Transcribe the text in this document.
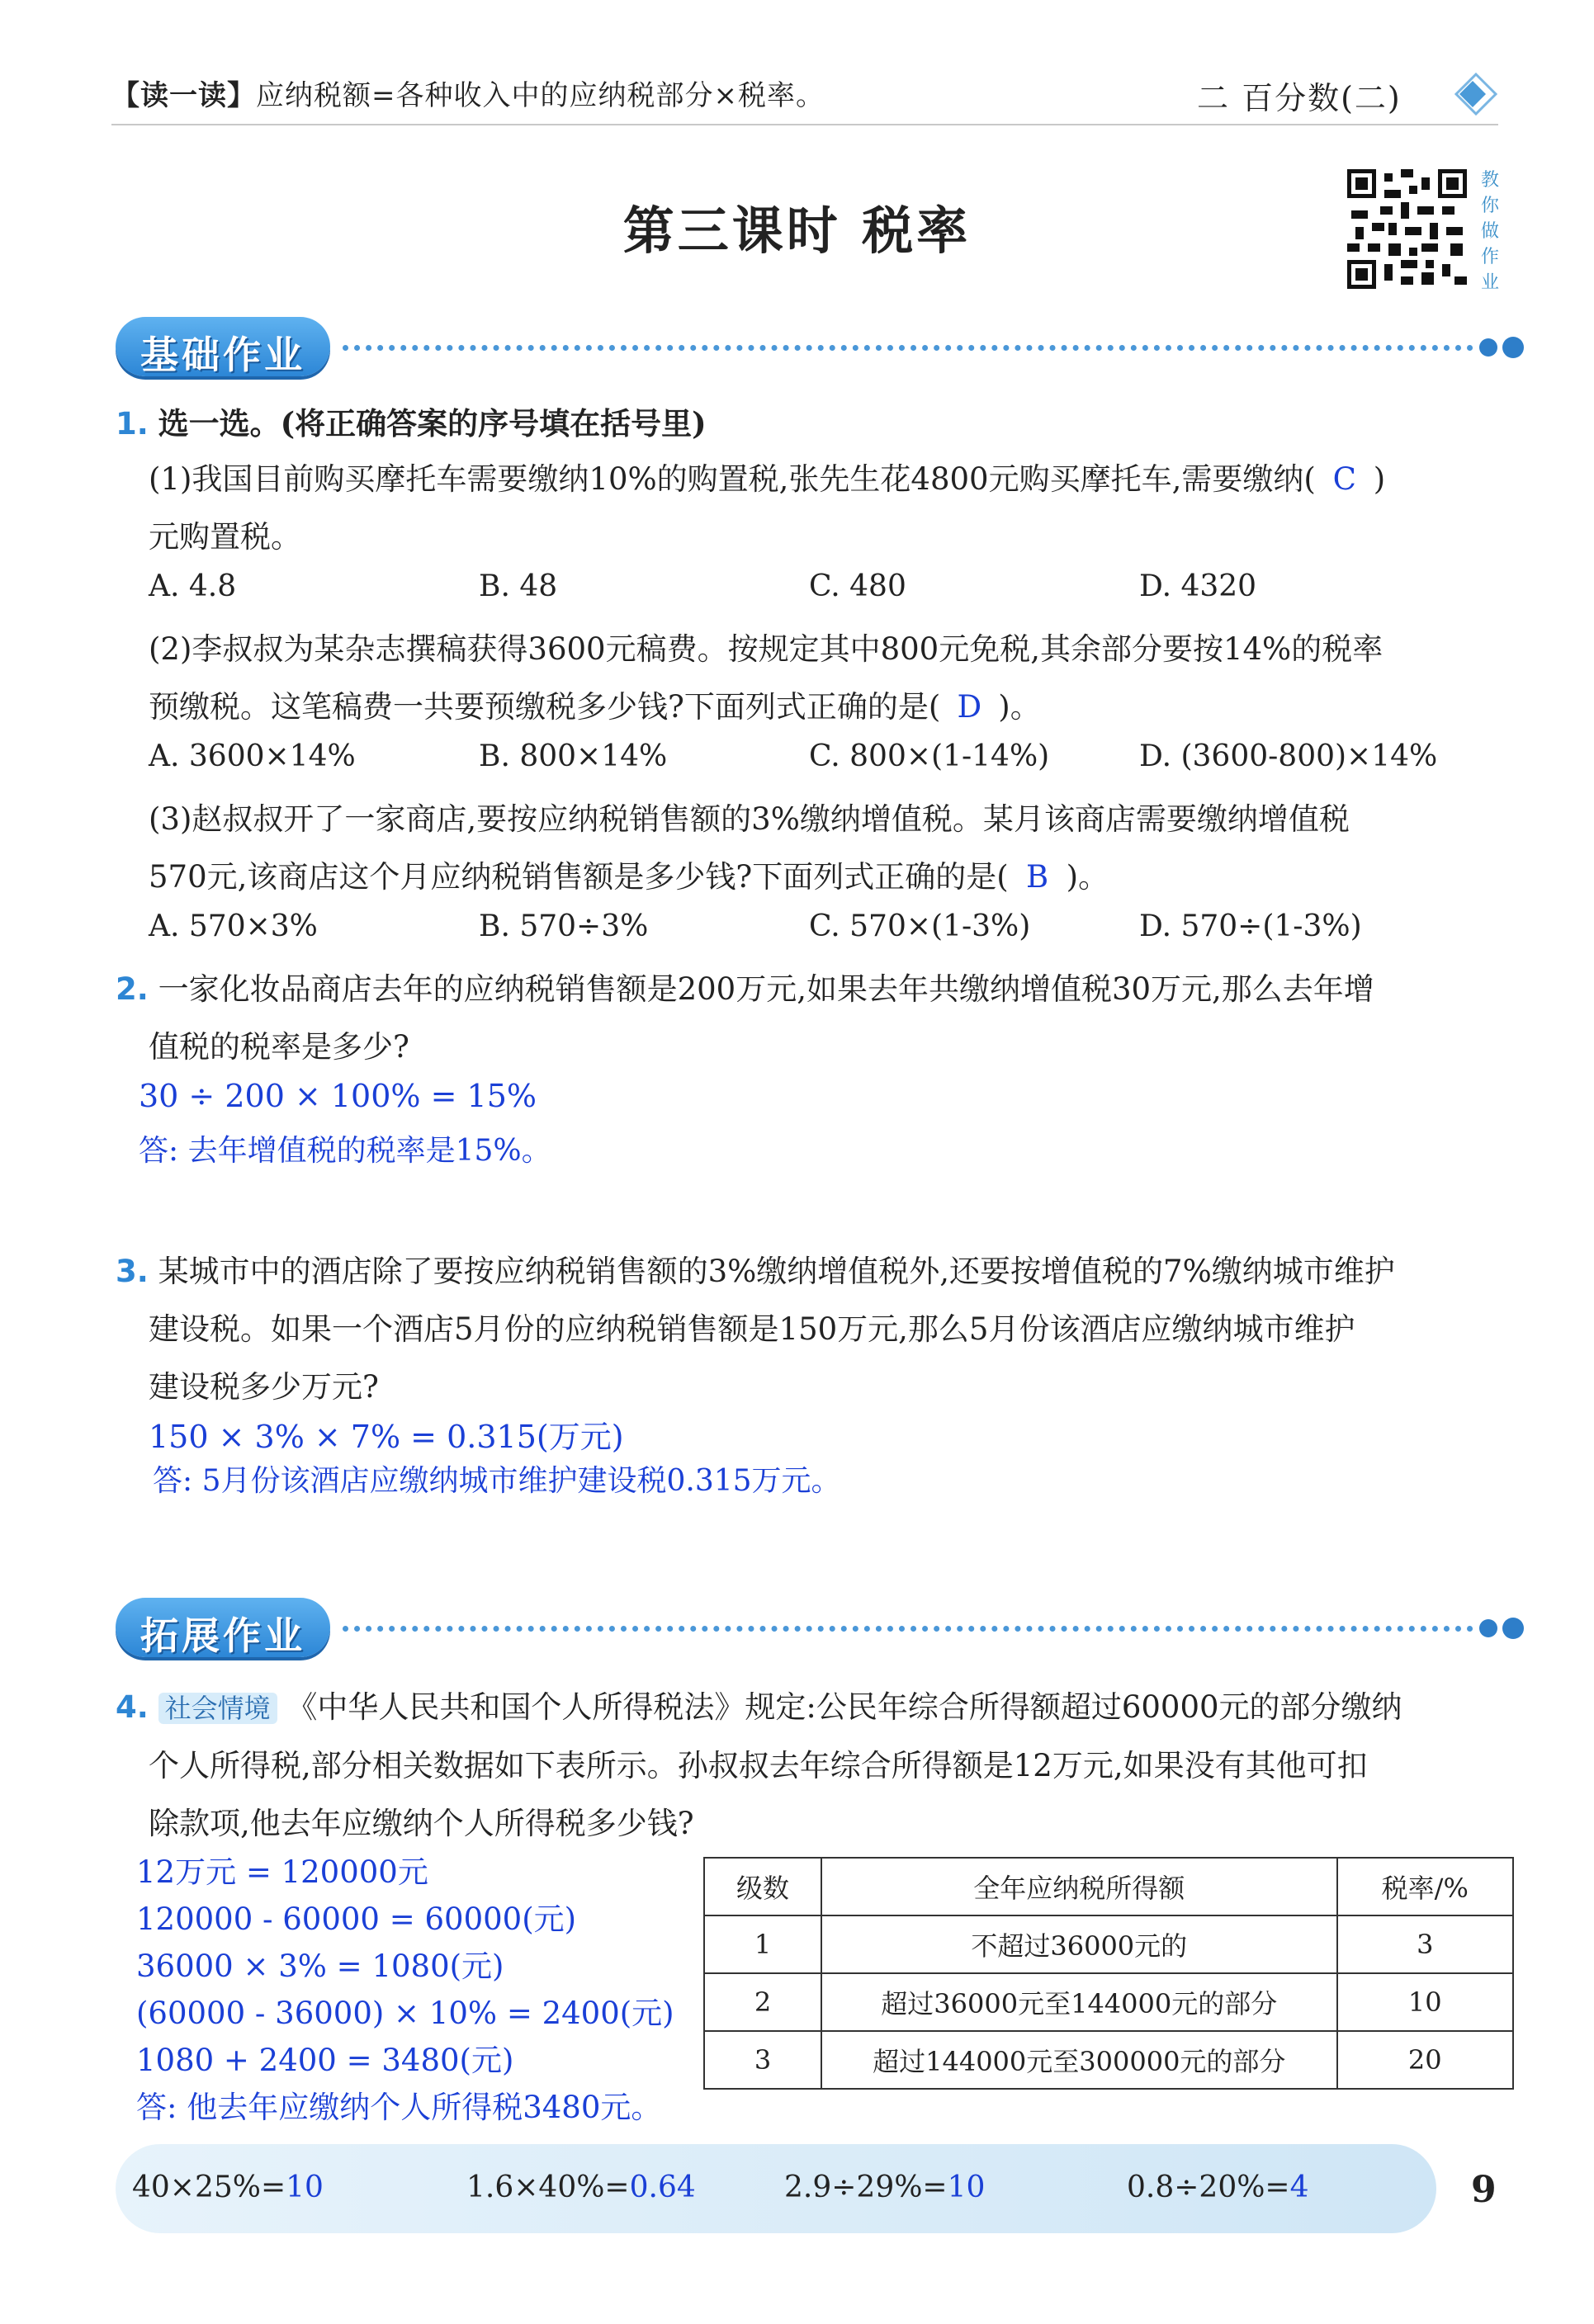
【读一读】应纳税额=各种收入中的应纳税部分×税率。	二 百分数(二)
第三课时 税率
教
你
做
作
业
基础作业
1. 选一选。(将正确答案的序号填在括号里)
(1)我国目前购买摩托车需要缴纳10%的购置税,张先生花4800元购买摩托车,需要缴纳( C )
元购置税。
A. 4.8	B. 48	C. 480	D. 4320
(2)李叔叔为某杂志撰稿获得3600元稿费。按规定其中800元免税,其余部分要按14%的税率
预缴税。这笔稿费一共要预缴税多少钱?下面列式正确的是( D )。
A. 3600×14%	B. 800×14%	C. 800×(1-14%)	D. (3600-800)×14%
(3)赵叔叔开了一家商店,要按应纳税销售额的3%缴纳增值税。某月该商店需要缴纳增值税
570元,该商店这个月应纳税销售额是多少钱?下面列式正确的是( B )。
A. 570×3%	B. 570÷3%	C. 570×(1-3%)	D. 570÷(1-3%)
2. 一家化妆品商店去年的应纳税销售额是200万元,如果去年共缴纳增值税30万元,那么去年增
值税的税率是多少?
30 ÷ 200 × 100% = 15%
答: 去年增值税的税率是15%。
3. 某城市中的酒店除了要按应纳税销售额的3%缴纳增值税外,还要按增值税的7%缴纳城市维护
建设税。如果一个酒店5月份的应纳税销售额是150万元,那么5月份该酒店应缴纳城市维护
建设税多少万元?
150 × 3% × 7% = 0.315(万元)
答: 5月份该酒店应缴纳城市维护建设税0.315万元。
拓展作业
4. 社会情境 《中华人民共和国个人所得税法》规定:公民年综合所得额超过60000元的部分缴纳
个人所得税,部分相关数据如下表所示。孙叔叔去年综合所得额是12万元,如果没有其他可扣
除款项,他去年应缴纳个人所得税多少钱?
12万元 = 120000元
120000 - 60000 = 60000(元)
36000 × 3% = 1080(元)
(60000 - 36000) × 10% = 2400(元)
1080 + 2400 = 3480(元)
答: 他去年应缴纳个人所得税3480元。
级数	全年应纳税所得额	税率/%
1	不超过36000元的	3
2	超过36000元至144000元的部分	10
3	超过144000元至300000元的部分	20
40×25%=10	1.6×40%=0.64	2.9÷29%=10	0.8÷20%=4	9
